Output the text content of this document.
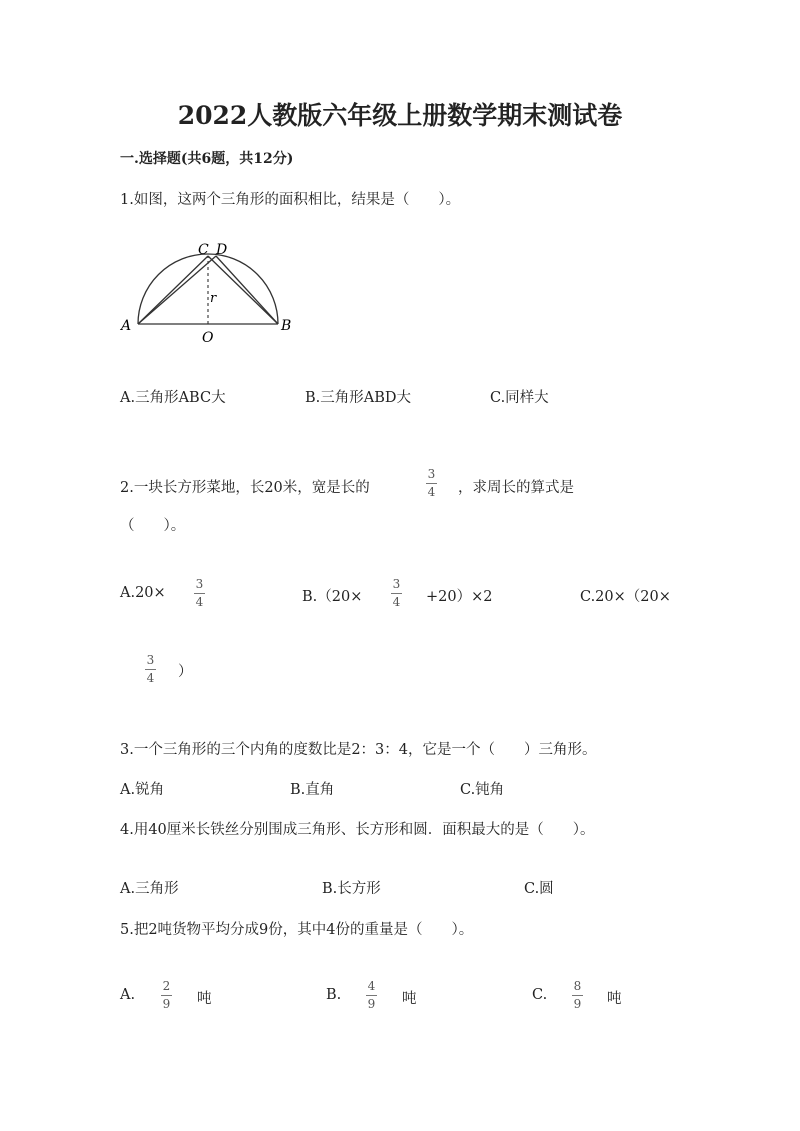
2022人教版六年级上册数学期末测试卷
一.选择题(共6题，共12分)
1.如图，这两个三角形的面积相比，结果是（　　）。
C D
A	B
O
r
A.三角形ABC大	B.三角形ABD大	C.同样大
2.一块长方形菜地，长20米，宽是长的
3
4 ，求周长的算式是
（　　）。
A.20×
3
4	B.（20×
3
4 +20）×2	C.20×（20×
3
4 ）
3.一个三角形的三个内角的度数比是2：3：4，它是一个（　　）三角形。
A.锐角	B.直角	C.钝角
4.用40厘米长铁丝分别围成三角形、长方形和圆．面积最大的是（　　）。
A.三角形	B.长方形	C.圆
5.把2吨货物平均分成9份，其中4份的重量是（　　）。
A.
2
9 吨	B.
4
9 吨	C.
8
9 吨
